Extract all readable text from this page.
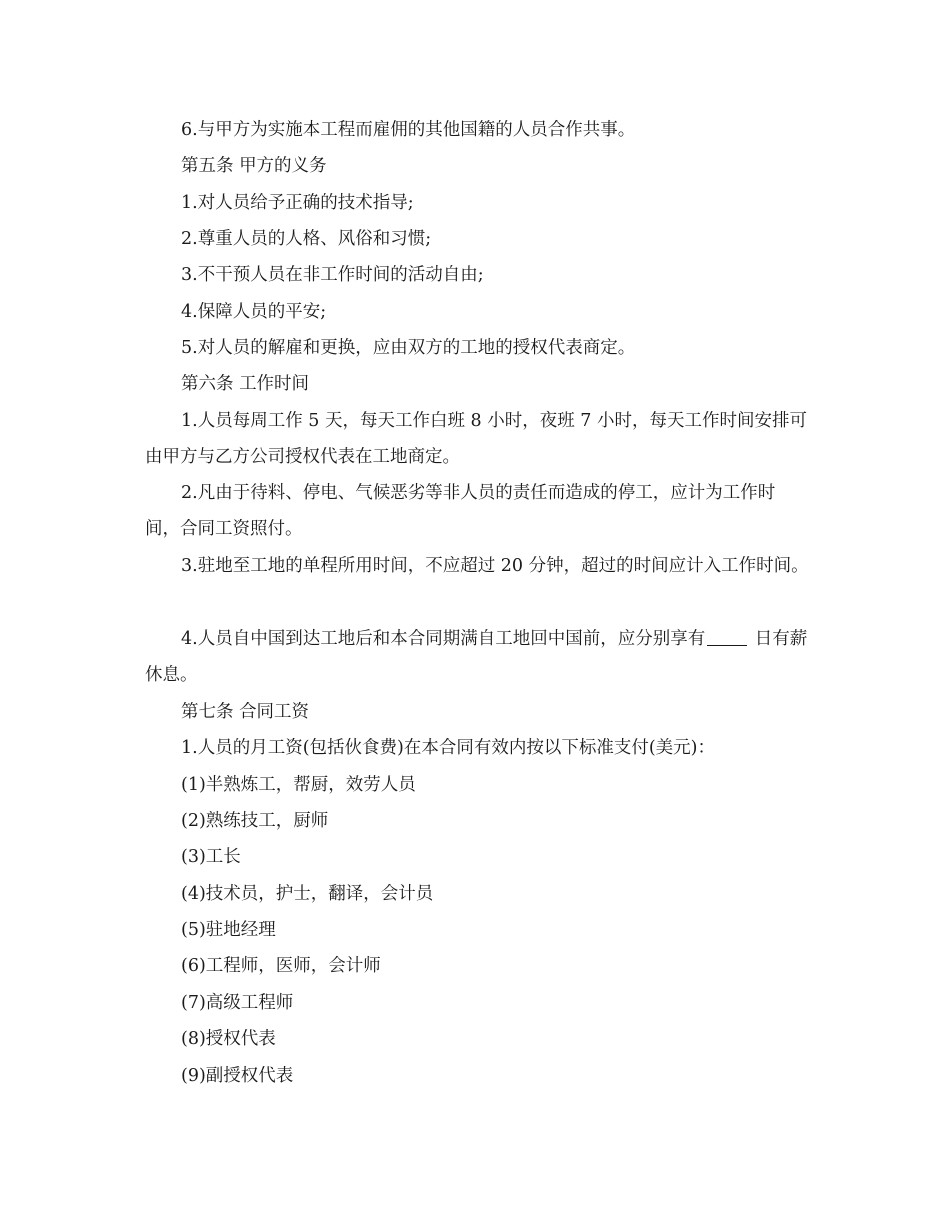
6.与甲方为实施本工程而雇佣的其他国籍的人员合作共事。

第五条 甲方的义务

1.对人员给予正确的技术指导;

2.尊重人员的人格、风俗和习惯;

3.不干预人员在非工作时间的活动自由;

4.保障人员的平安;

5.对人员的解雇和更换，应由双方的工地的授权代表商定。

第六条 工作时间

1.人员每周工作 5 天，每天工作白班 8 小时，夜班 7 小时，每天工作时间安排可由甲方与乙方公司授权代表在工地商定。

2.凡由于待料、停电、气候恶劣等非人员的责任而造成的停工，应计为工作时间，合同工资照付。

3.驻地至工地的单程所用时间，不应超过 20 分钟，超过的时间应计入工作时间。

4.人员自中国到达工地后和本合同期满自工地回中国前，应分别享有	日有薪休息。

第七条 合同工资

1.人员的月工资(包括伙食费)在本合同有效内按以下标准支付(美元)：

(1)半熟炼工，帮厨，效劳人员

(2)熟练技工，厨师

(3)工长

(4)技术员，护士，翻译，会计员

(5)驻地经理

(6)工程师，医师，会计师

(7)高级工程师

(8)授权代表

(9)副授权代表
